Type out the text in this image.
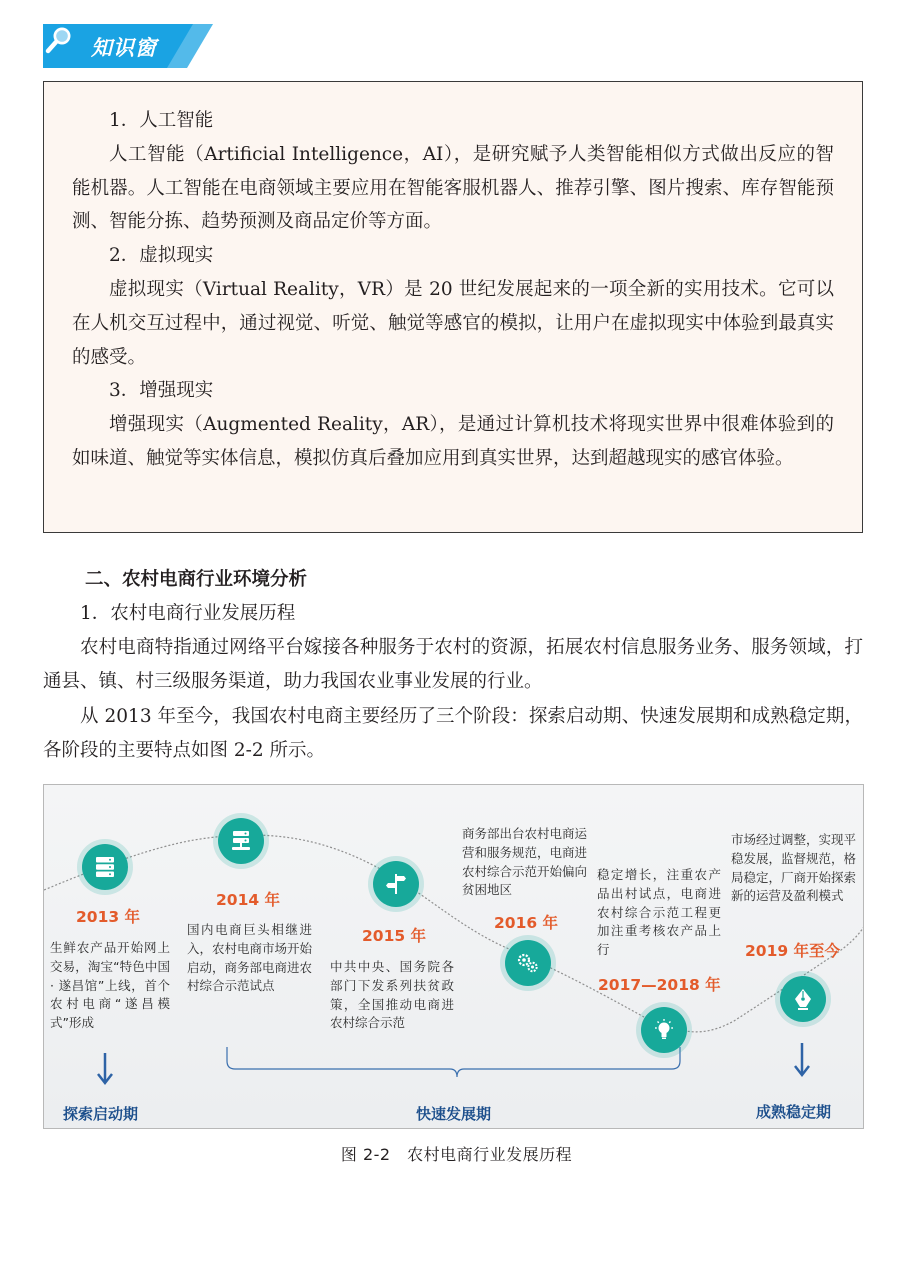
知识窗

1．人工智能

人工智能（Artificial Intelligence，AI），是研究赋予人类智能相似方式做出反应的智能机器。人工智能在电商领域主要应用在智能客服机器人、推荐引擎、图片搜索、库存智能预测、智能分拣、趋势预测及商品定价等方面。

2．虚拟现实

虚拟现实（Virtual Reality，VR）是 20 世纪发展起来的一项全新的实用技术。它可以在人机交互过程中，通过视觉、听觉、触觉等感官的模拟，让用户在虚拟现实中体验到最真实的感受。

3．增强现实

增强现实（Augmented Reality，AR），是通过计算机技术将现实世界中很难体验到的如味道、触觉等实体信息，模拟仿真后叠加应用到真实世界，达到超越现实的感官体验。

二、农村电商行业环境分析

1．农村电商行业发展历程

农村电商特指通过网络平台嫁接各种服务于农村的资源，拓展农村信息服务业务、服务领域，打通县、镇、村三级服务渠道，助力我国农业事业发展的行业。

从 2013 年至今，我国农村电商主要经历了三个阶段：探索启动期、快速发展期和成熟稳定期，各阶段的主要特点如图 2-2 所示。

2013 年
生鲜农产品开始网上交易，淘宝“特色中国 · 遂昌馆”上线，首个农村电商“遂昌模式”形成
2014 年
国内电商巨头相继进入，农村电商市场开始启动，商务部电商进农村综合示范试点
2015 年
中共中央、国务院各部门下发系列扶贫政策，全国推动电商进农村综合示范
2016 年
商务部出台农村电商运营和服务规范，电商进农村综合示范开始偏向贫困地区
2017—2018 年
稳定增长，注重农产品出村试点，电商进农村综合示范工程更加注重考核农产品上行	2019 年至今
市场经过调整，实现平稳发展，监督规范，格局稳定，厂商开始探索新的运营及盈利模式
探索启动期	快速发展期	成熟稳定期
图 2-2　农村电商行业发展历程
